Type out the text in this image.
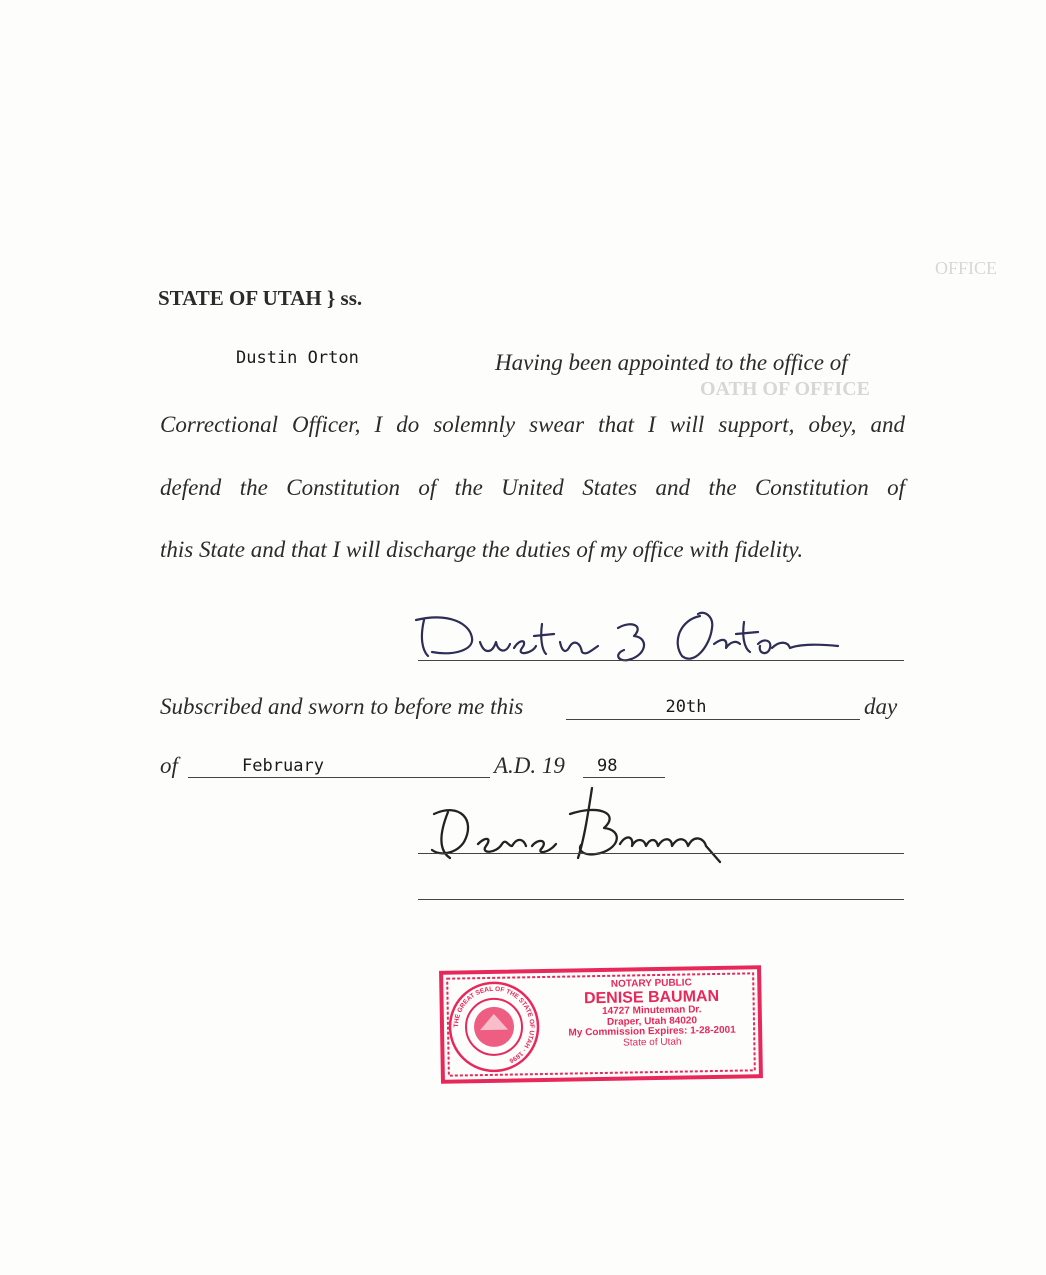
OFFICE
OATH OF OFFICE
STATE OF UTAH } ss.
Dustin Orton	Having been appointed to the office of
Correctional Officer, I do solemnly swear that I will support, obey, and
defend the Constitution of the United States and the Constitution of
this State and that I will discharge the duties of my office with fidelity.
Subscribed and sworn to before me this	20th	day
of	February	A.D. 19	98
THE GREAT SEAL OF THE STATE OF UTAH · 1896
NOTARY PUBLIC
DENISE BAUMAN
14727 Minuteman Dr.
Draper, Utah 84020
My Commission Expires: 1-28-2001
State of Utah
